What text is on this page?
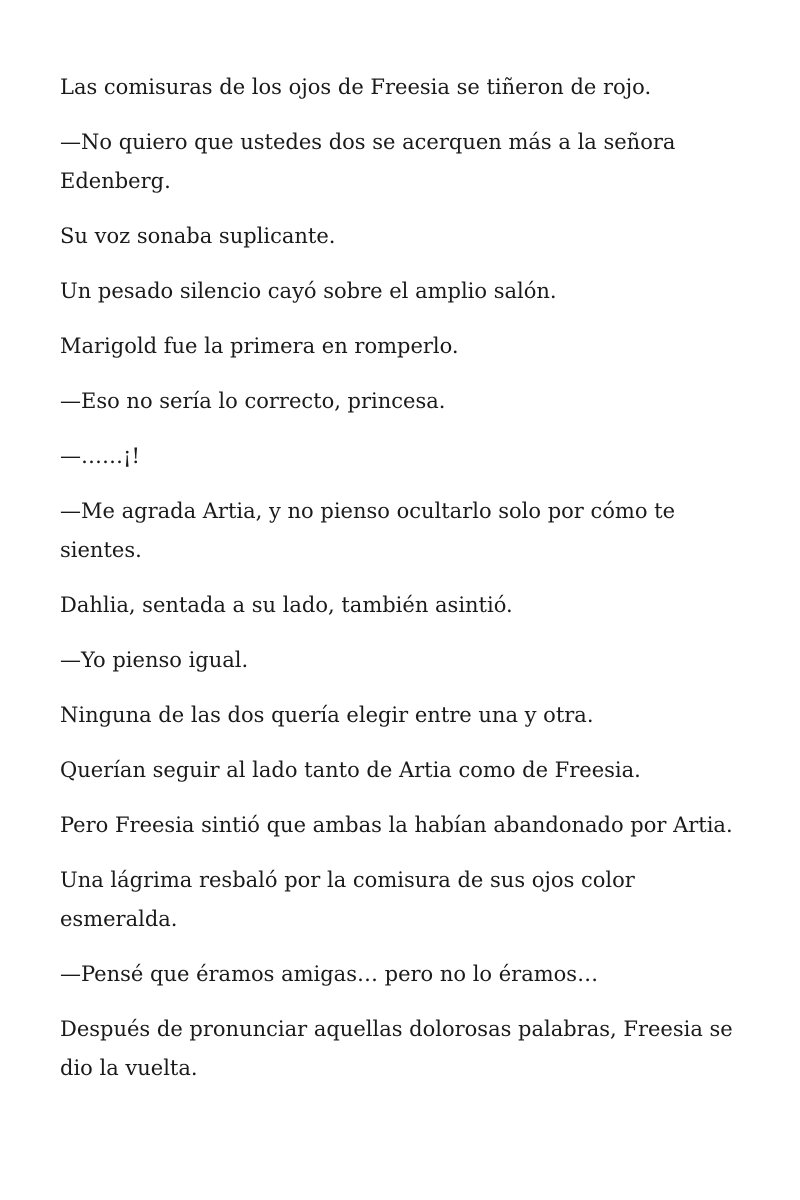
Las comisuras de los ojos de Freesia se tiñeron de rojo.

—No quiero que ustedes dos se acerquen más a la señora Edenberg.

Su voz sonaba suplicante.

Un pesado silencio cayó sobre el amplio salón.

Marigold fue la primera en romperlo.

—Eso no sería lo correcto, princesa.

—……¡!

—Me agrada Artia, y no pienso ocultarlo solo por cómo te sientes.

Dahlia, sentada a su lado, también asintió.

—Yo pienso igual.

Ninguna de las dos quería elegir entre una y otra.

Querían seguir al lado tanto de Artia como de Freesia.

Pero Freesia sintió que ambas la habían abandonado por Artia.

Una lágrima resbaló por la comisura de sus ojos color esmeralda.

—Pensé que éramos amigas… pero no lo éramos…

Después de pronunciar aquellas dolorosas palabras, Freesia se dio la vuelta.
